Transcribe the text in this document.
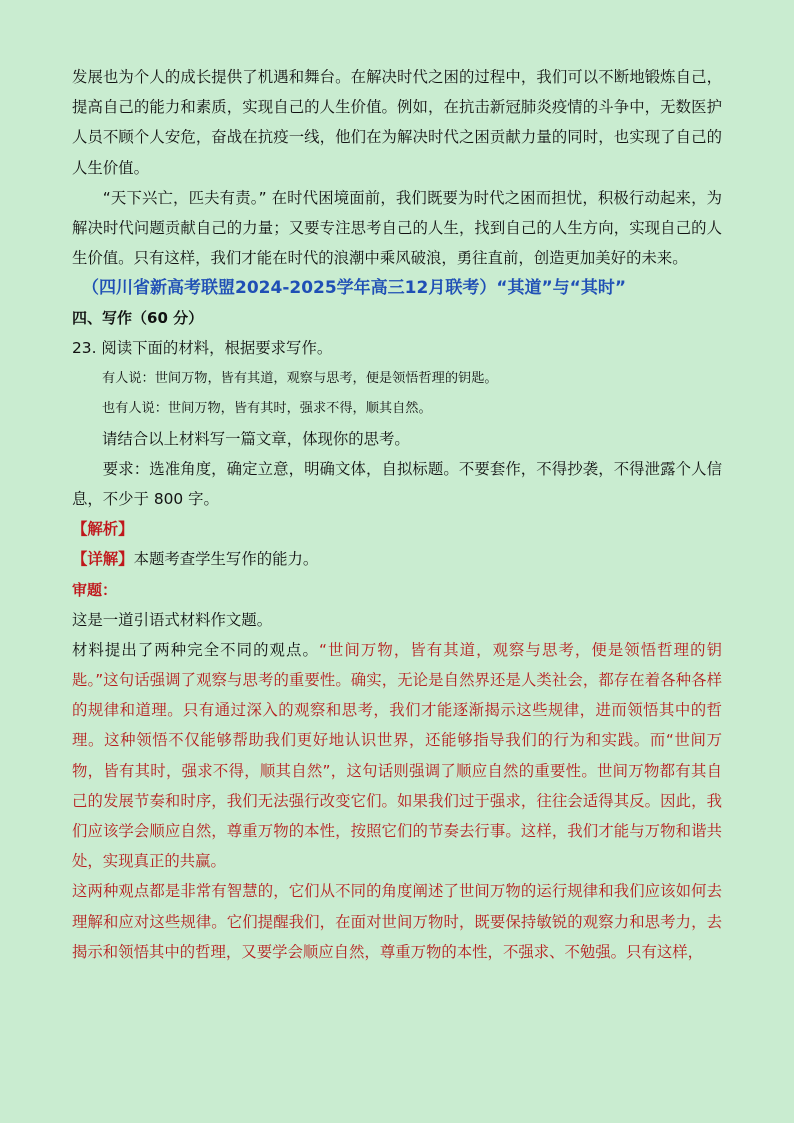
发展也为个人的成长提供了机遇和舞台。在解决时代之困的过程中，我们可以不断地锻炼自己，提高自己的能力和素质，实现自己的人生价值。例如，在抗击新冠肺炎疫情的斗争中，无数医护人员不顾个人安危，奋战在抗疫一线，他们在为解决时代之困贡献力量的同时，也实现了自己的人生价值。

“天下兴亡，匹夫有责。” 在时代困境面前，我们既要为时代之困而担忧，积极行动起来，为解决时代问题贡献自己的力量；又要专注思考自己的人生，找到自己的人生方向，实现自己的人生价值。只有这样，我们才能在时代的浪潮中乘风破浪，勇往直前，创造更加美好的未来。

（四川省新高考联盟2024-2025学年高三12月联考）“其道”与“其时”

四、写作（60 分）

23. 阅读下面的材料，根据要求写作。

有人说：世间万物，皆有其道，观察与思考，便是领悟哲理的钥匙。

也有人说：世间万物，皆有其时，强求不得，顺其自然。

请结合以上材料写一篇文章，体现你的思考。

要求：选准角度，确定立意，明确文体，自拟标题。不要套作，不得抄袭，不得泄露个人信息，不少于 800 字。

【解析】

【详解】本题考查学生写作的能力。

审题：

这是一道引语式材料作文题。

材料提出了两种完全不同的观点。“世间万物，皆有其道，观察与思考，便是领悟哲理的钥匙。”这句话强调了观察与思考的重要性。确实，无论是自然界还是人类社会，都存在着各种各样的规律和道理。只有通过深入的观察和思考，我们才能逐渐揭示这些规律，进而领悟其中的哲理。这种领悟不仅能够帮助我们更好地认识世界，还能够指导我们的行为和实践。而“世间万物，皆有其时，强求不得，顺其自然”，这句话则强调了顺应自然的重要性。世间万物都有其自己的发展节奏和时序，我们无法强行改变它们。如果我们过于强求，往往会适得其反。因此，我们应该学会顺应自然，尊重万物的本性，按照它们的节奏去行事。这样，我们才能与万物和谐共处，实现真正的共赢。

这两种观点都是非常有智慧的，它们从不同的角度阐述了世间万物的运行规律和我们应该如何去理解和应对这些规律。它们提醒我们，在面对世间万物时，既要保持敏锐的观察力和思考力，去揭示和领悟其中的哲理，又要学会顺应自然，尊重万物的本性，不强求、不勉强。只有这样，
